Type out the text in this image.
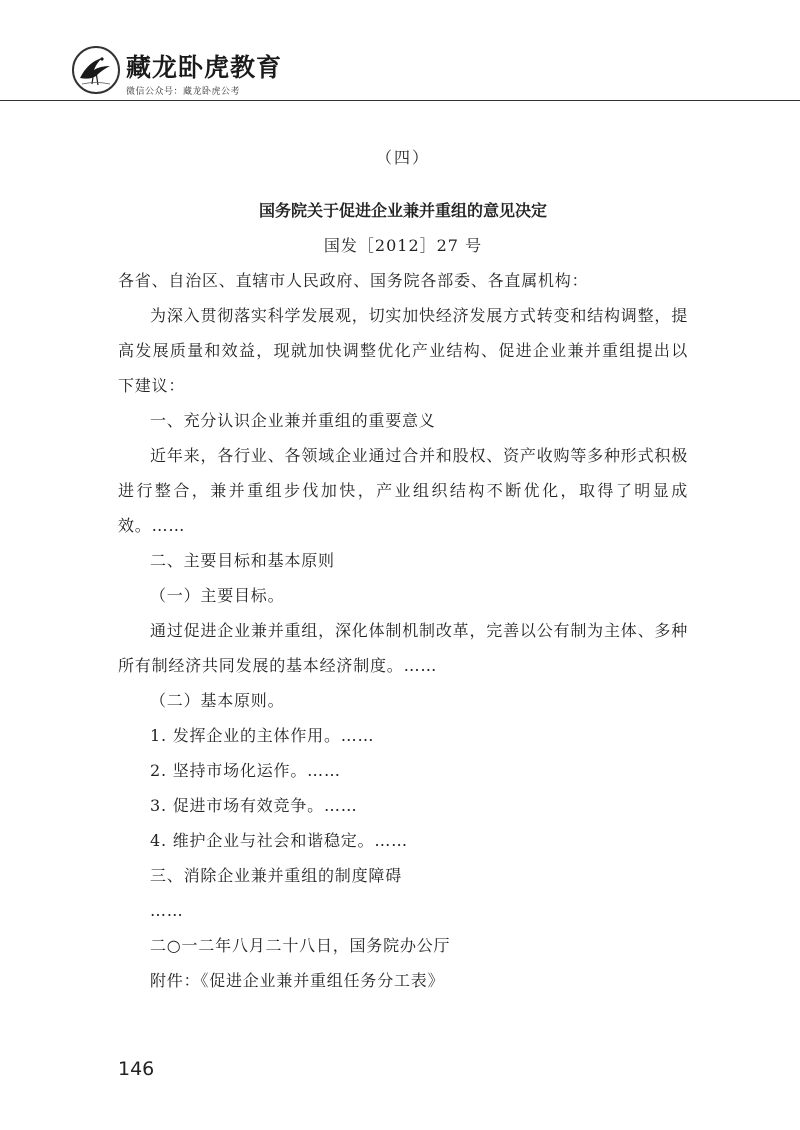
藏龙卧虎教育
微信公众号：藏龙卧虎公考

（四）

国务院关于促进企业兼并重组的意见决定

国发［2012］27 号

各省、自治区、直辖市人民政府、国务院各部委、各直属机构：

为深入贯彻落实科学发展观，切实加快经济发展方式转变和结构调整，提高发展质量和效益，现就加快调整优化产业结构、促进企业兼并重组提出以下建议：

一、充分认识企业兼并重组的重要意义

近年来，各行业、各领域企业通过合并和股权、资产收购等多种形式积极进行整合，兼并重组步伐加快，产业组织结构不断优化，取得了明显成效。……

二、主要目标和基本原则

（一）主要目标。

通过促进企业兼并重组，深化体制机制改革，完善以公有制为主体、多种所有制经济共同发展的基本经济制度。……

（二）基本原则。

1. 发挥企业的主体作用。……

2. 坚持市场化运作。……

3. 促进市场有效竞争。……

4. 维护企业与社会和谐稳定。……

三、消除企业兼并重组的制度障碍

……

二○一二年八月二十八日，国务院办公厅

附件：《促进企业兼并重组任务分工表》

146
